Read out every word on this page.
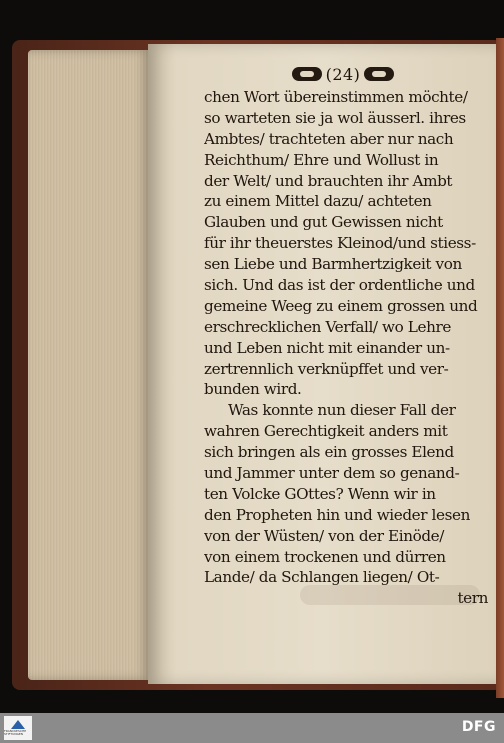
(24)
chen Wort übereinstimmen möchte/
so warteten sie ja wol äusserl. ihres
Ambtes/ trachteten aber nur nach
Reichthum/ Ehre und Wollust in
der Welt/ und brauchten ihr Ambt
zu einem Mittel dazu/ achteten
Glauben und gut Gewissen nicht
für ihr theuerstes Kleinod/und stiess-
sen Liebe und Barmhertzigkeit von
sich. Und das ist der ordentliche und
gemeine Weeg zu einem grossen und
erschrecklichen Verfall/ wo Lehre
und Leben nicht mit einander un-
zertrennlich verknüpffet und ver-
bunden wird.
Was konnte nun dieser Fall der
wahren Gerechtigkeit anders mit
sich bringen als ein grosses Elend
und Jammer unter dem so genand-
ten Volcke GOttes? Wenn wir in
den Propheten hin und wieder lesen
von der Wüsten/ von der Einöde/
von einem trockenen und dürren
Lande/ da Schlangen liegen/ Ot-
tern
FRANCKESCHE STIFTUNGEN	DFG
